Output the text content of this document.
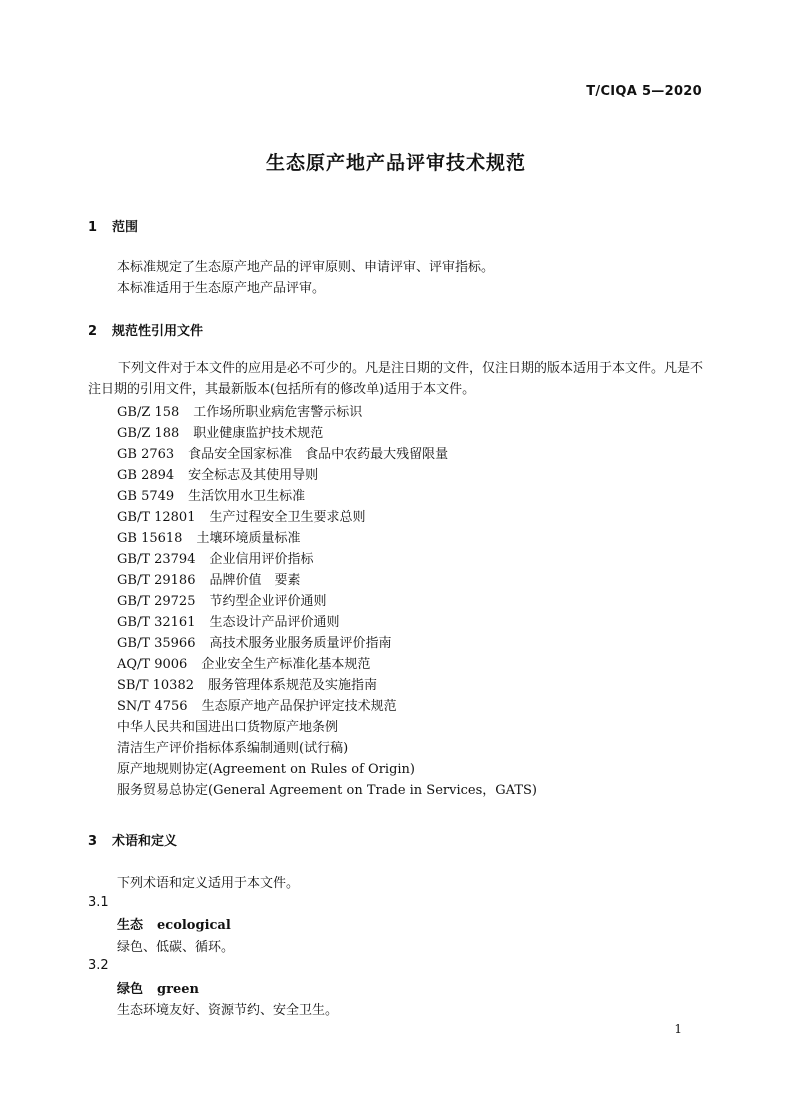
T/CIQA 5—2020
生态原产地产品评审技术规范
1 范围
本标准规定了生态原产地产品的评审原则、申请评审、评审指标。
本标准适用于生态原产地产品评审。
2 规范性引用文件
下列文件对于本文件的应用是必不可少的。凡是注日期的文件，仅注日期的版本适用于本文件。凡是不注日期的引用文件，其最新版本(包括所有的修改单)适用于本文件。
GB/Z 158 工作场所职业病危害警示标识
GB/Z 188 职业健康监护技术规范
GB 2763 食品安全国家标准　食品中农药最大残留限量
GB 2894 安全标志及其使用导则
GB 5749 生活饮用水卫生标准
GB/T 12801 生产过程安全卫生要求总则
GB 15618 土壤环境质量标准
GB/T 23794 企业信用评价指标
GB/T 29186 品牌价值　要素
GB/T 29725 节约型企业评价通则
GB/T 32161 生态设计产品评价通则
GB/T 35966 高技术服务业服务质量评价指南
AQ/T 9006 企业安全生产标准化基本规范
SB/T 10382 服务管理体系规范及实施指南
SN/T 4756 生态原产地产品保护评定技术规范
中华人民共和国进出口货物原产地条例
清洁生产评价指标体系编制通则(试行稿)
原产地规则协定(Agreement on Rules of Origin)
服务贸易总协定(General Agreement on Trade in Services，GATS)
3 术语和定义
下列术语和定义适用于本文件。
3.1
生态 ecological
绿色、低碳、循环。
3.2
绿色 green
生态环境友好、资源节约、安全卫生。
1
